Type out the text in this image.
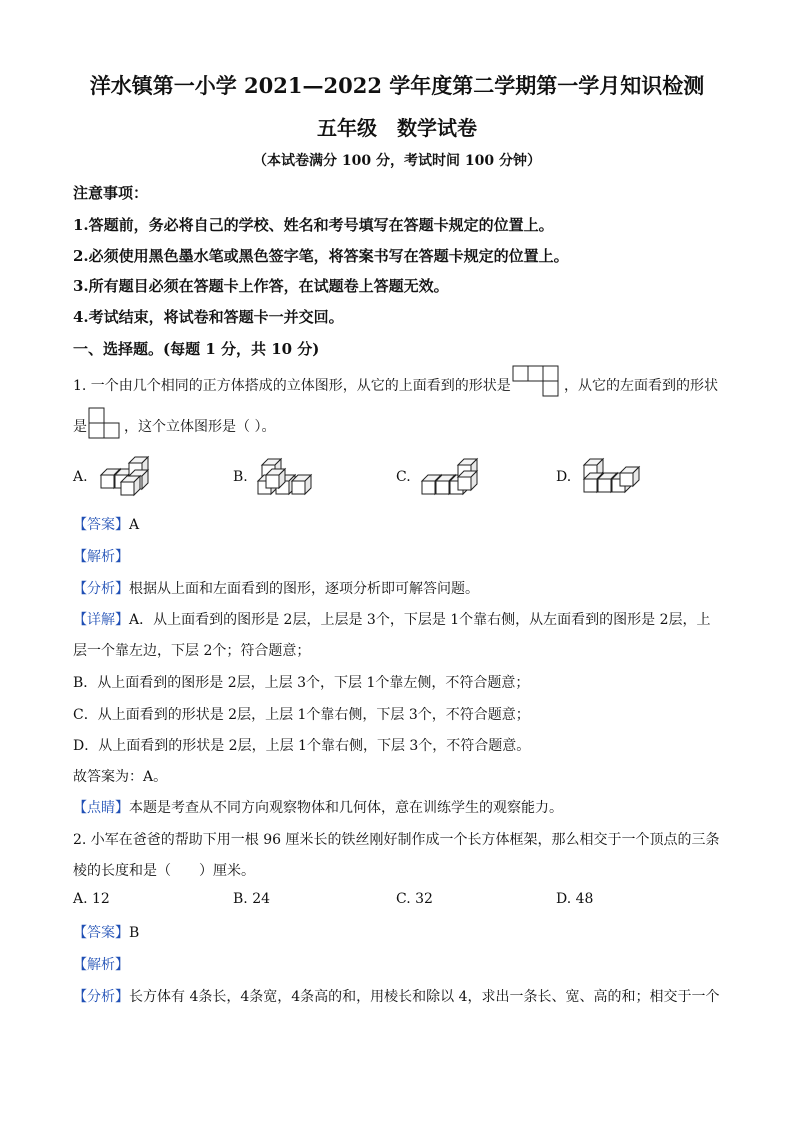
洋水镇第一小学 2021—2022 学年度第二学期第一学月知识检测
五年级　数学试卷
（本试卷满分 100 分，考试时间 100 分钟）
注意事项：
1.答题前，务必将自己的学校、姓名和考号填写在答题卡规定的位置上。
2.必须使用黑色墨水笔或黑色签字笔，将答案书写在答题卡规定的位置上。
3.所有题目必须在答题卡上作答，在试题卷上答题无效。
4.考试结束，将试卷和答题卡一并交回。
一、选择题。(每题 1 分，共 10 分)
1. 一个由几个相同的正方体搭成的立体图形，从它的上面看到的形状是	，从它的左面看到的形状
是	，这个立体图形是（ ）。
A.	B.	C.	D.
【 答案 】 A
【 解析 】
【 分析 】 根据从上面和左面看到的图形，逐项分析即可解答问题。
【 详解 】 A．从上面看到的图形是 2层，上层是 3个，下层是 1个靠右侧，从左面看到的图形是 2层，上
层一个靠左边，下层 2个；符合题意；
B．从上面看到的图形是 2层，上层 3个，下层 1个靠左侧，不符合题意；
C．从上面看到的形状是 2层，上层 1个靠右侧，下层 3个，不符合题意；
D．从上面看到的形状是 2层，上层 1个靠右侧，下层 3个，不符合题意。
故答案为：A。
【 点睛 】 本题是考查从不同方向观察物体和几何体，意在训练学生的观察能力。
2. 小军在爸爸的帮助下用一根 96 厘米长的铁丝刚好制作成一个长方体框架，那么相交于一个顶点的三条
棱的长度和是（　　）厘米。
A. 12	B. 24	C. 32	D. 48
【 答案 】 B
【 解析 】
【 分析 】 长方体有 4条长，4条宽，4条高的和，用棱长和除以 4，求出一条长、宽、高的和；相交于一个
